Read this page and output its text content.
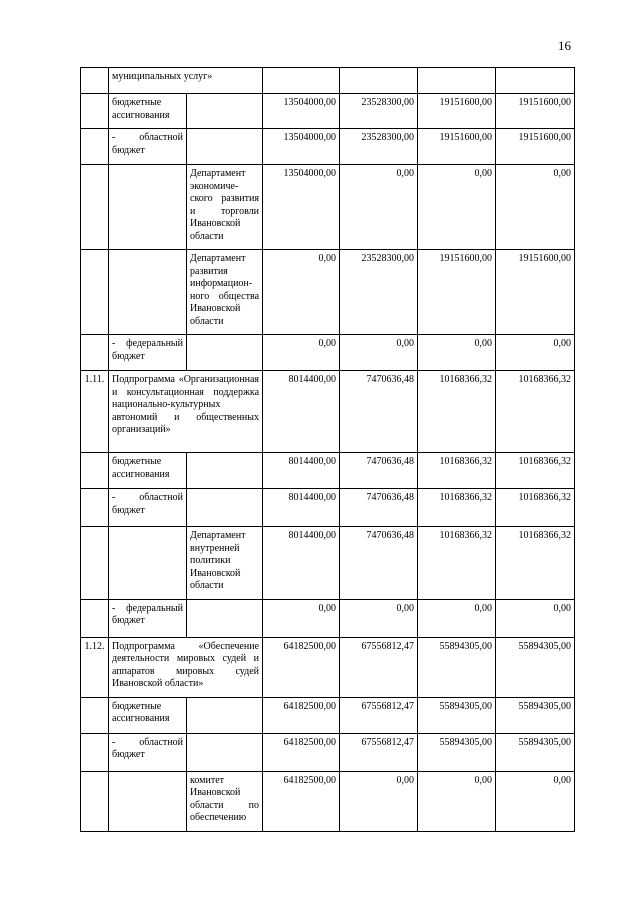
16
	муниципальных услуг»					
	бюджетные ассигнования		13504000,00	23528300,00	19151600,00	19151600,00
	- областной бюджет		13504000,00	23528300,00	19151600,00	19151600,00
		Департамент экономиче-ского развития и торговли Ивановской области	13504000,00	0,00	0,00	0,00
		Департамент развития информацион-ного общества Ивановской области	0,00	23528300,00	19151600,00	19151600,00
	- федеральный бюджет		0,00	0,00	0,00	0,00
1.11.	Подпрограмма «Организационная и консультационная поддержка национально-культурных автономий и общественных организаций»		8014400,00	7470636,48	10168366,32	10168366,32
	бюджетные ассигнования		8014400,00	7470636,48	10168366,32	10168366,32
	- областной бюджет		8014400,00	7470636,48	10168366,32	10168366,32
		Департамент внутренней политики Ивановской области	8014400,00	7470636,48	10168366,32	10168366,32
	- федеральный бюджет		0,00	0,00	0,00	0,00
1.12.	Подпрограмма «Обеспечение деятельности мировых судей и аппаратов мировых судей Ивановской области»		64182500,00	67556812,47	55894305,00	55894305,00
	бюджетные ассигнования		64182500,00	67556812,47	55894305,00	55894305,00
	- областной бюджет		64182500,00	67556812,47	55894305,00	55894305,00
		комитет Ивановской области по обеспечению	64182500,00	0,00	0,00	0,00
